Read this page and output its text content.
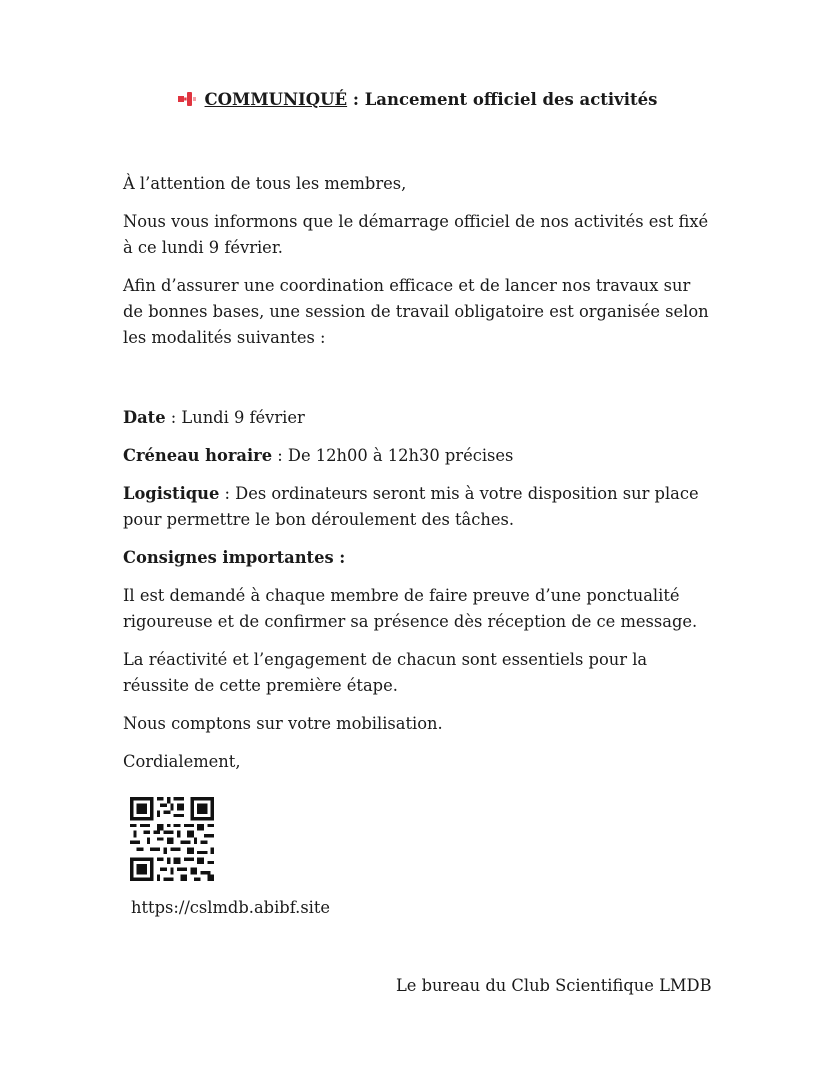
COMMUNIQUÉ : Lancement officiel des activités

À l’attention de tous les membres,

Nous vous informons que le démarrage officiel de nos activités est fixé à ce lundi 9 février.

Afin d’assurer une coordination efficace et de lancer nos travaux sur de bonnes bases, une session de travail obligatoire est organisée selon les modalités suivantes :

Date : Lundi 9 février

Créneau horaire : De 12h00 à 12h30 précises

Logistique : Des ordinateurs seront mis à votre disposition sur place pour permettre le bon déroulement des tâches.

Consignes importantes :

Il est demandé à chaque membre de faire preuve d’une ponctualité rigoureuse et de confirmer sa présence dès réception de ce message.

La réactivité et l’engagement de chacun sont essentiels pour la réussite de cette première étape.

Nous comptons sur votre mobilisation.

Cordialement,

https://cslmdb.abibf.site
Le bureau du Club Scientifique LMDB
